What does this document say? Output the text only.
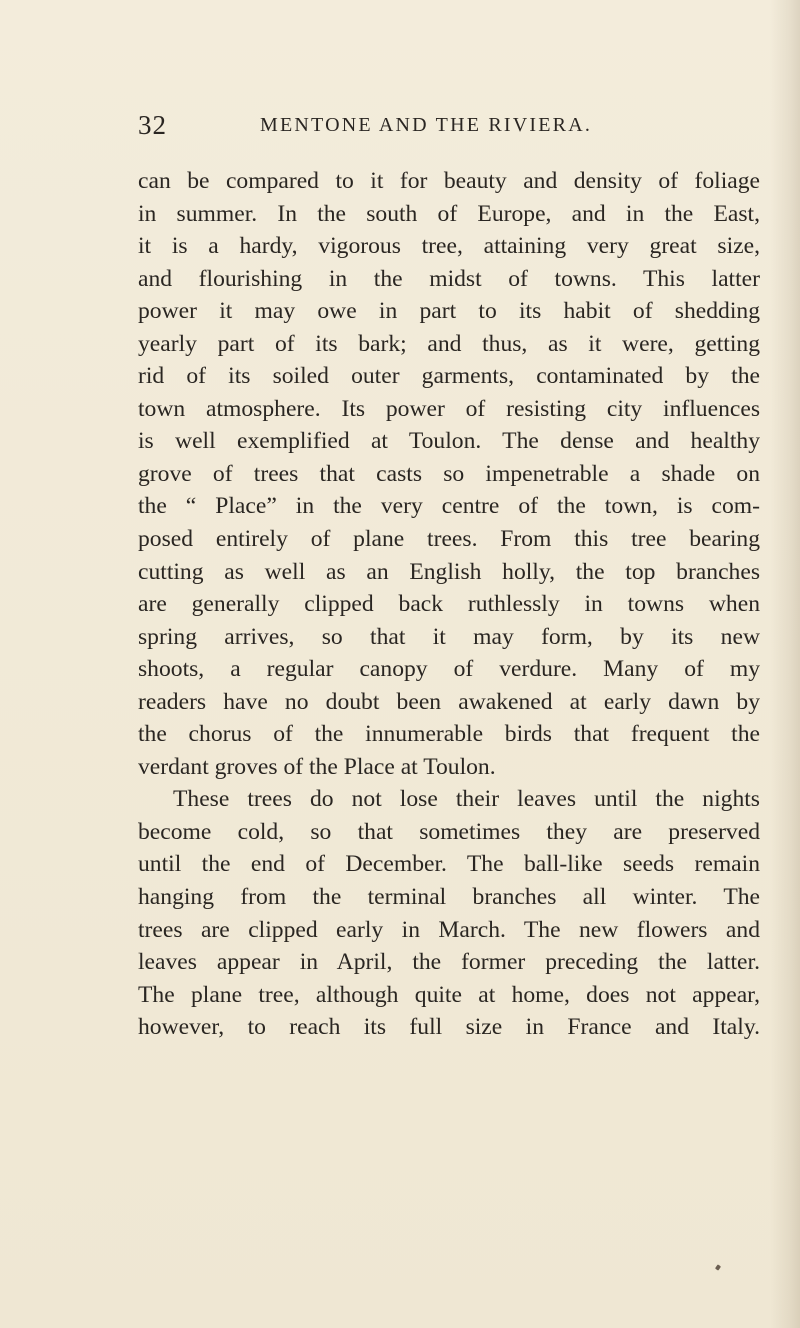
32	MENTONE AND THE RIVIERA.
can be compared to it for beauty and density of foliage
in summer. In the south of Europe, and in the East,
it is a hardy, vigorous tree, attaining very great size,
and flourishing in the midst of towns. This latter
power it may owe in part to its habit of shedding
yearly part of its bark; and thus, as it were, getting
rid of its soiled outer garments, contaminated by the
town atmosphere. Its power of resisting city influences
is well exemplified at Toulon. The dense and healthy
grove of trees that casts so impenetrable a shade on
the “ Place” in the very centre of the town, is com-
posed entirely of plane trees. From this tree bearing
cutting as well as an English holly, the top branches
are generally clipped back ruthlessly in towns when
spring arrives, so that it may form, by its new
shoots, a regular canopy of verdure. Many of my
readers have no doubt been awakened at early dawn by
the chorus of the innumerable birds that frequent the
verdant groves of the Place at Toulon.
These trees do not lose their leaves until the nights
become cold, so that sometimes they are preserved
until the end of December. The ball-like seeds remain
hanging from the terminal branches all winter. The
trees are clipped early in March. The new flowers and
leaves appear in April, the former preceding the latter.
The plane tree, although quite at home, does not appear,
however, to reach its full size in France and Italy.
